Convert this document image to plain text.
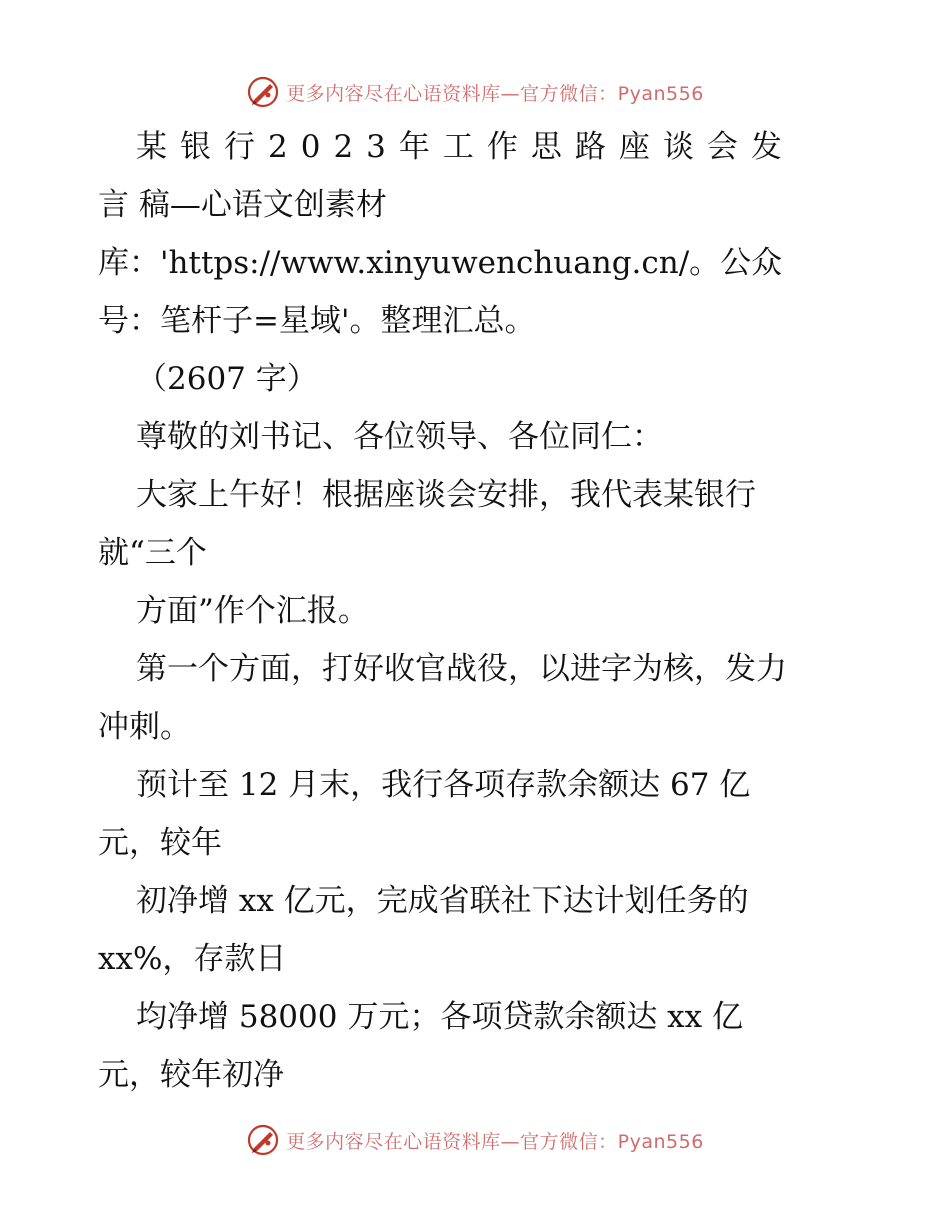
更多内容尽在心语资料库—官方微信：Pyan556
某银行2023年工作思路座谈会发
言 稿—心语文创素材
库：'https://www.xinyuwenchuang.cn/。公众
号：笔杆子=星域'。整理汇总。
（2607 字）
尊敬的刘书记、各位领导、各位同仁：
大家上午好！根据座谈会安排，我代表某银行
就“三个
方面”作个汇报。
第一个方面，打好收官战役，以进字为核，发力
冲刺。
预计至 12 月末，我行各项存款余额达 67 亿
元，较年
初净增 xx 亿元，完成省联社下达计划任务的
xx%，存款日
均净增 58000 万元；各项贷款余额达 xx 亿
元，较年初净
更多内容尽在心语资料库—官方微信：Pyan556
